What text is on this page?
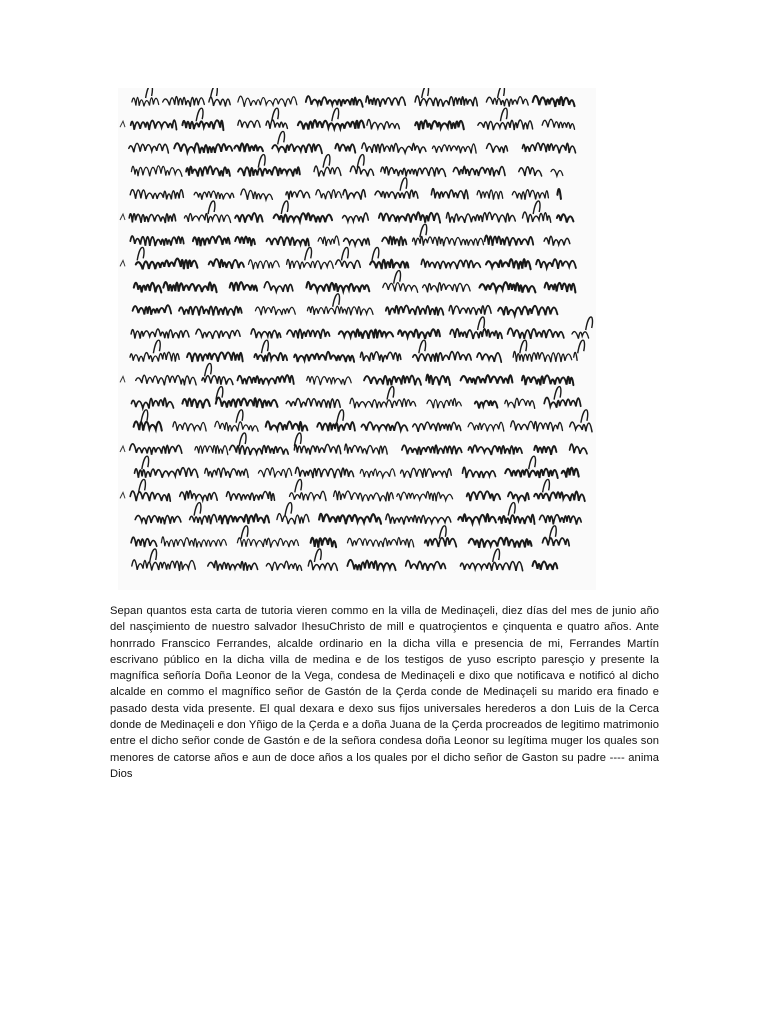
Sepan quantos esta carta de tutoria vieren commo en la villa de Medinaçeli, diez días del mes de junio año del nasçimiento de nuestro salvador IhesuChristo de mill e quatroçientos e çinquenta e quatro años. Ante honrrado Franscico Ferrandes, alcalde ordinario en la dicha villa e presencia de mi, Ferrandes Martín escrivano público en la dicha villa de medina e de los testigos de yuso escripto paresçio y presente la magnífica señoría Doña Leonor de la Vega, condesa de Medinaçeli e dixo que notificava e notificó al dicho alcalde en commo el magnífico señor de Gastón de la Çerda conde de Medinaçeli su marido era finado e pasado desta vida presente. El qual dexara e dexo sus fijos universales herederos a don Luis de la Cerca donde de Medinaçeli e don Yñigo de la Çerda e a doña Juana de la Çerda procreados de legitimo matrimonio entre el dicho señor conde de Gastón e de la señora condesa doña Leonor su legítima muger los quales son menores de catorse años e aun de doce años a los quales por el dicho señor de Gaston su padre ---- anima Dios
